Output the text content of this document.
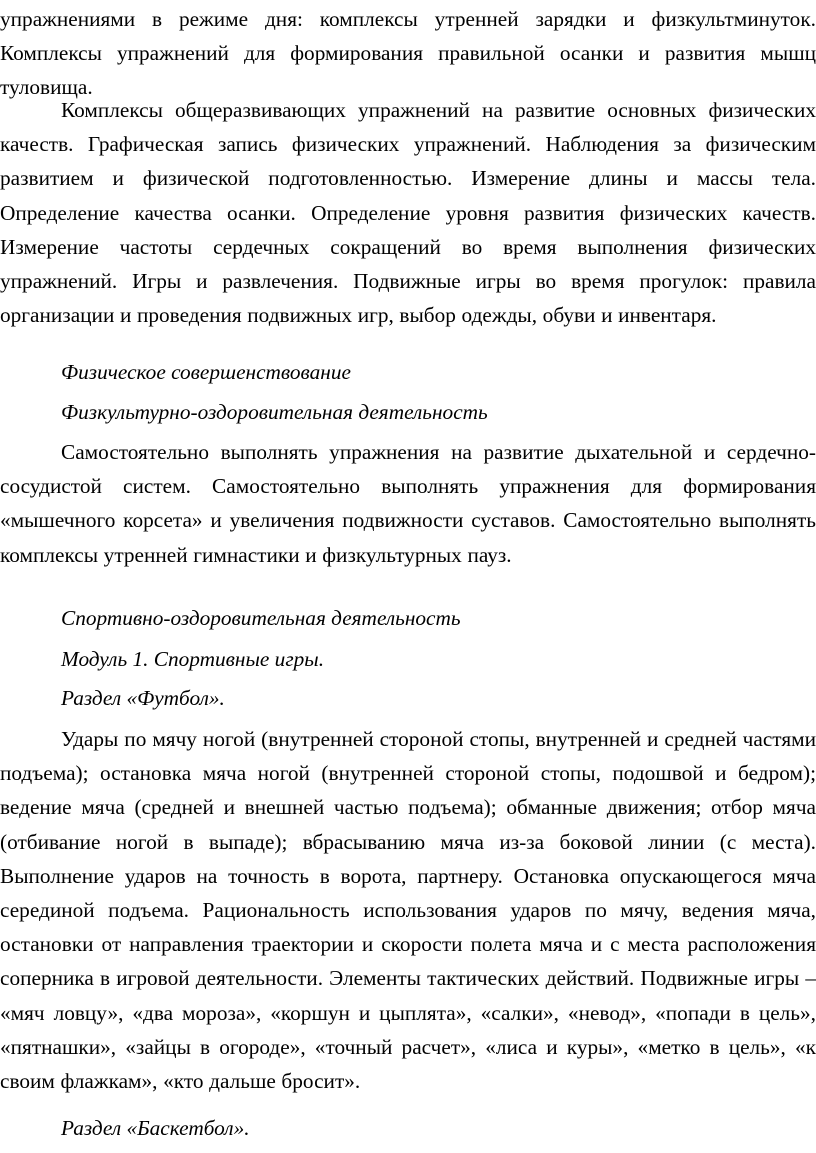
упражнениями в режиме дня: комплексы утренней зарядки и физкультминуток. Комплексы упражнений для формирования правильной осанки и развития мышц туловища.

Комплексы общеразвивающих упражнений на развитие основных физических качеств. Графическая запись физических упражнений. Наблюдения за физическим развитием и физической подготовленностью. Измерение длины и массы тела. Определение качества осанки. Определение уровня развития физических качеств. Измерение частоты сердечных сокращений во время выполнения физических упражнений. Игры и развлечения. Подвижные игры во время прогулок: правила организации и проведения подвижных игр, выбор одежды, обуви и инвентаря.

Физическое совершенствование

Физкультурно-оздоровительная деятельность

Самостоятельно выполнять упражнения на развитие дыхательной и сердечно-сосудистой систем. Самостоятельно выполнять упражнения для формирования «мышечного корсета» и увеличения подвижности суставов. Самостоятельно выполнять комплексы утренней гимнастики и физкультурных пауз.

Спортивно-оздоровительная деятельность

Модуль 1. Спортивные игры.

Раздел «Футбол».

Удары по мячу ногой (внутренней стороной стопы, внутренней и средней частями подъема); остановка мяча ногой (внутренней стороной стопы, подошвой и бедром); ведение мяча (средней и внешней частью подъема); обманные движения; отбор мяча (отбивание ногой в выпаде); вбрасыванию мяча из-за боковой линии (с места). Выполнение ударов на точность в ворота, партнеру. Остановка опускающегося мяча серединой подъема. Рациональность использования ударов по мячу, ведения мяча, остановки от направления траектории и скорости полета мяча и с места расположения соперника в игровой деятельности. Элементы тактических действий. Подвижные игры – «мяч ловцу», «два мороза», «коршун и цыплята», «салки», «невод», «попади в цель», «пятнашки», «зайцы в огороде», «точный расчет», «лиса и куры», «метко в цель», «к своим флажкам», «кто дальше бросит».

Раздел «Баскетбол».
